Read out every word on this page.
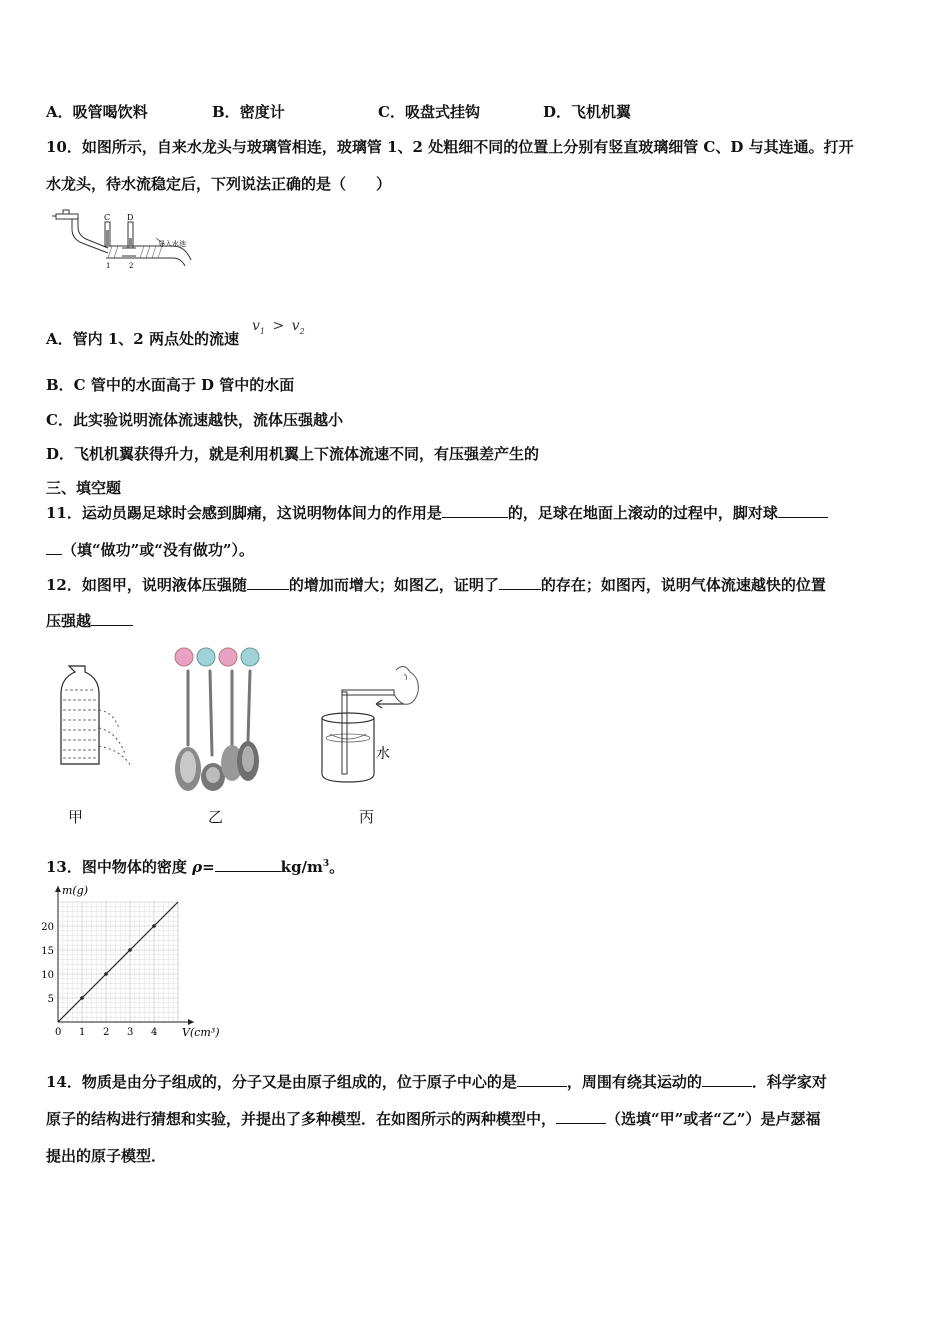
A．吸管喝饮料	B．密度计	C．吸盘式挂钩	D．飞机机翼
10．如图所示，自来水龙头与玻璃管相连，玻璃管 1、2 处粗细不同的位置上分别有竖直玻璃细管 C、D 与其连通。打开
水龙头，待水流稳定后，下列说法正确的是（　　）
C D
1	2
导入水池
A．管内 1、2 两点处的流速
$v_1 > v_2$
B．C 管中的水面高于 D 管中的水面
C．此实验说明流体流速越快，流体压强越小
D．飞机机翼获得升力，就是利用机翼上下流体流速不同，有压强差产生的
三、填空题
11．运动员踢足球时会感到脚痛，这说明物体间力的作用是	的，足球在地面上滚动的过程中，脚对球
（填“做功”或“没有做功”）。
12．如图甲，说明液体压强随	的增加而增大；如图乙，证明了	的存在；如图丙，说明气体流速越快的位置
压强越
甲	乙
水
丙
13．图中物体的密度 ρ=	$kg/m^3$。
0 1 2 3 4
5
10
15
20
m(g)
V(cm³)
14．物质是由分子组成的，分子又是由原子组成的，位于原子中心的是	，周围有绕其运动的	．科学家对
原子的结构进行猜想和实验，并提出了多种模型．在如图所示的两种模型中，	（选填“甲”或者“乙”）是卢瑟福
提出的原子模型．
